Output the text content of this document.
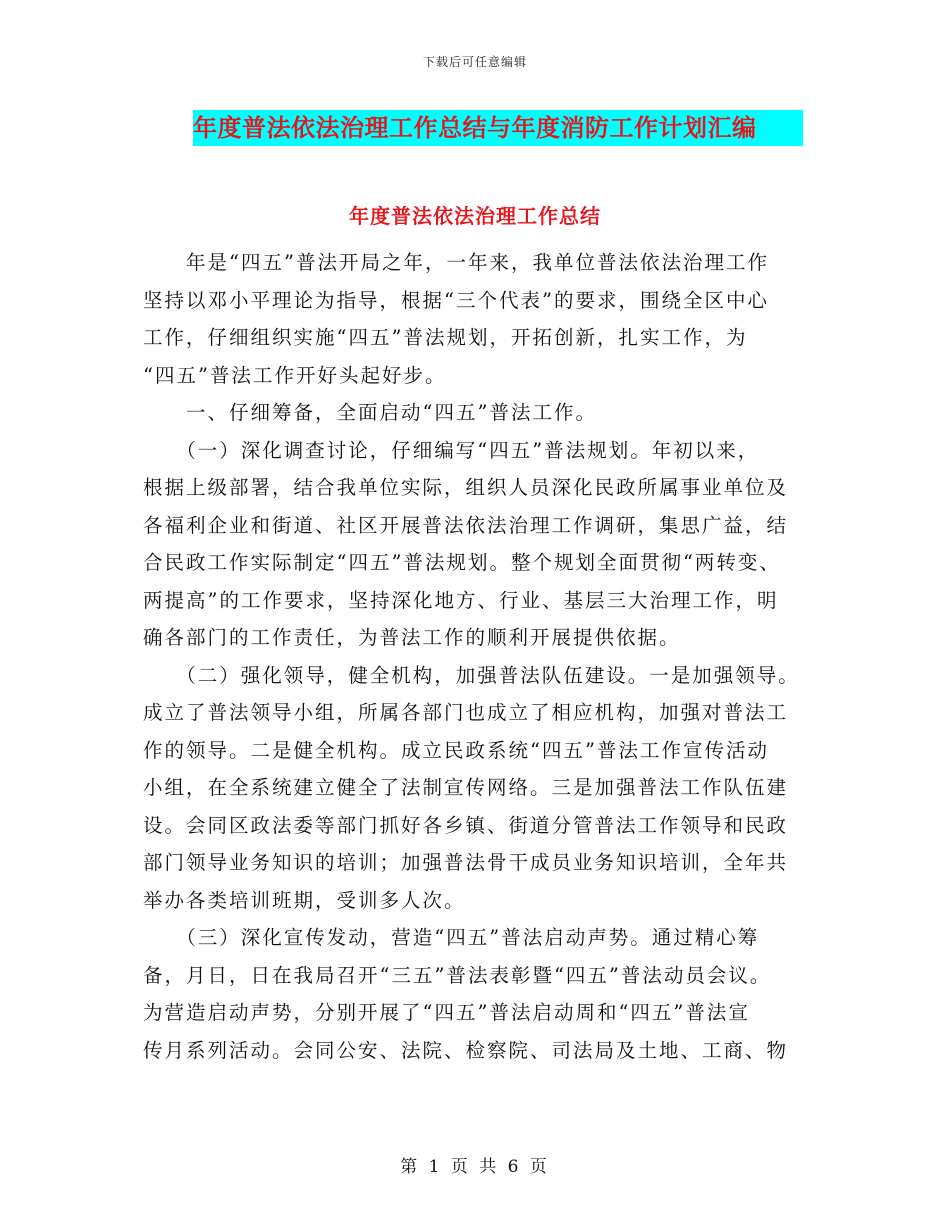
下载后可任意编辑
年度普法依法治理工作总结与年度消防工作计划汇编
年度普法依法治理工作总结
　　年是“四五”普法开局之年，一年来，我单位普法依法治理工作
坚持以邓小平理论为指导，根据“三个代表”的要求，围绕全区中心
工作，仔细组织实施“四五”普法规划，开拓创新，扎实工作，为
“四五”普法工作开好头起好步。
　　一、仔细筹备，全面启动“四五”普法工作。
　　（一）深化调查讨论，仔细编写“四五”普法规划。年初以来，
根据上级部署，结合我单位实际，组织人员深化民政所属事业单位及
各福利企业和街道、社区开展普法依法治理工作调研，集思广益，结
合民政工作实际制定“四五”普法规划。整个规划全面贯彻“两转变、
两提高”的工作要求，坚持深化地方、行业、基层三大治理工作，明
确各部门的工作责任，为普法工作的顺利开展提供依据。
　　（二）强化领导，健全机构，加强普法队伍建设。一是加强领导。
成立了普法领导小组，所属各部门也成立了相应机构，加强对普法工
作的领导。二是健全机构。成立民政系统“四五”普法工作宣传活动
小组，在全系统建立健全了法制宣传网络。三是加强普法工作队伍建
设。会同区政法委等部门抓好各乡镇、街道分管普法工作领导和民政
部门领导业务知识的培训；加强普法骨干成员业务知识培训，全年共
举办各类培训班期，受训多人次。
　　（三）深化宣传发动，营造“四五”普法启动声势。通过精心筹
备，月日，日在我局召开“三五”普法表彰暨“四五”普法动员会议。
为营造启动声势，分别开展了“四五”普法启动周和“四五”普法宣
传月系列活动。会同公安、法院、检察院、司法局及土地、工商、物
第 1 页 共 6 页
